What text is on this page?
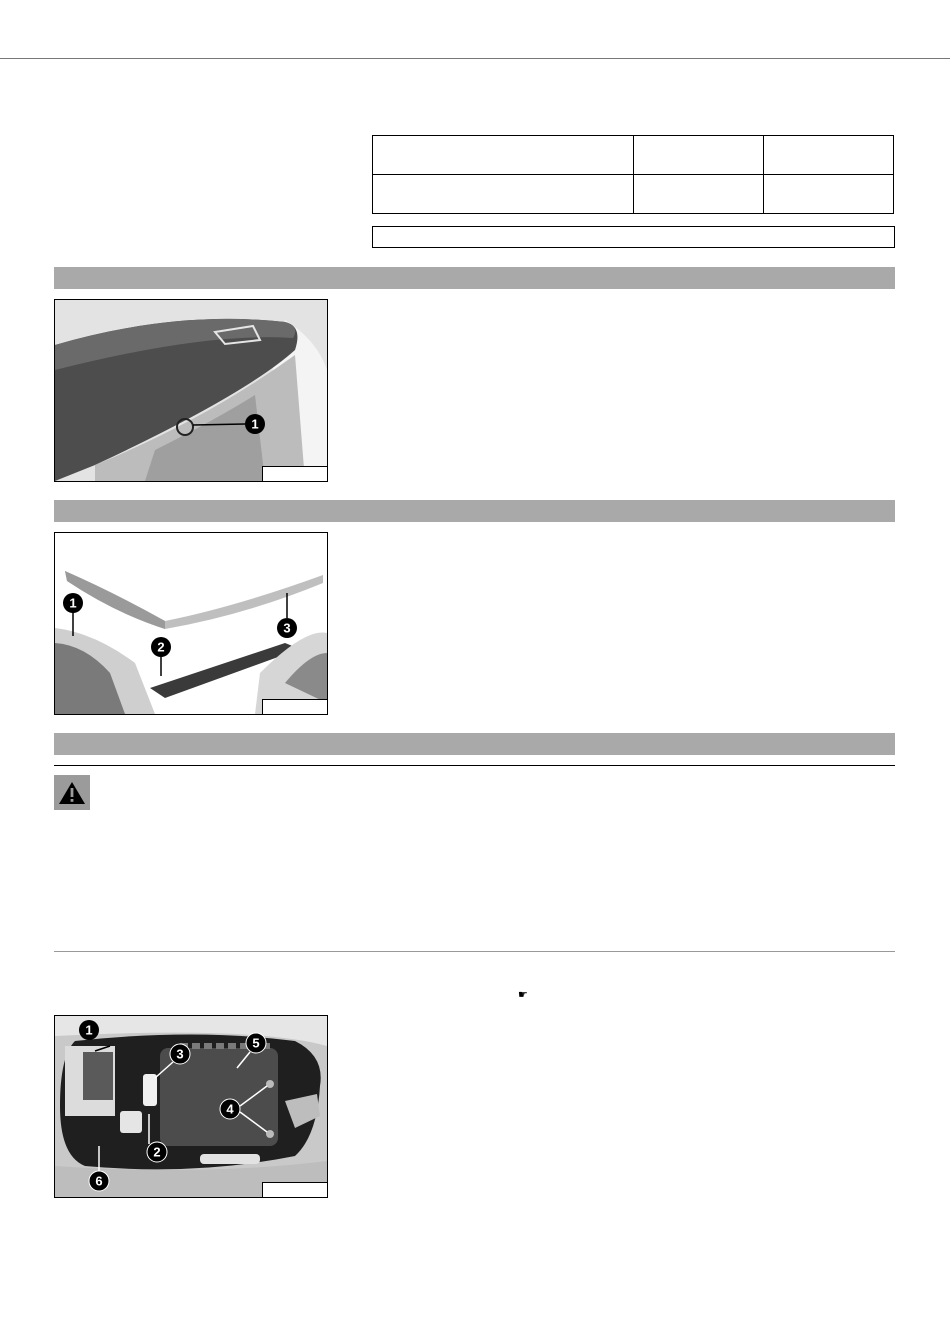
1
1
2
3
☛
1
2
3
4
5
6
